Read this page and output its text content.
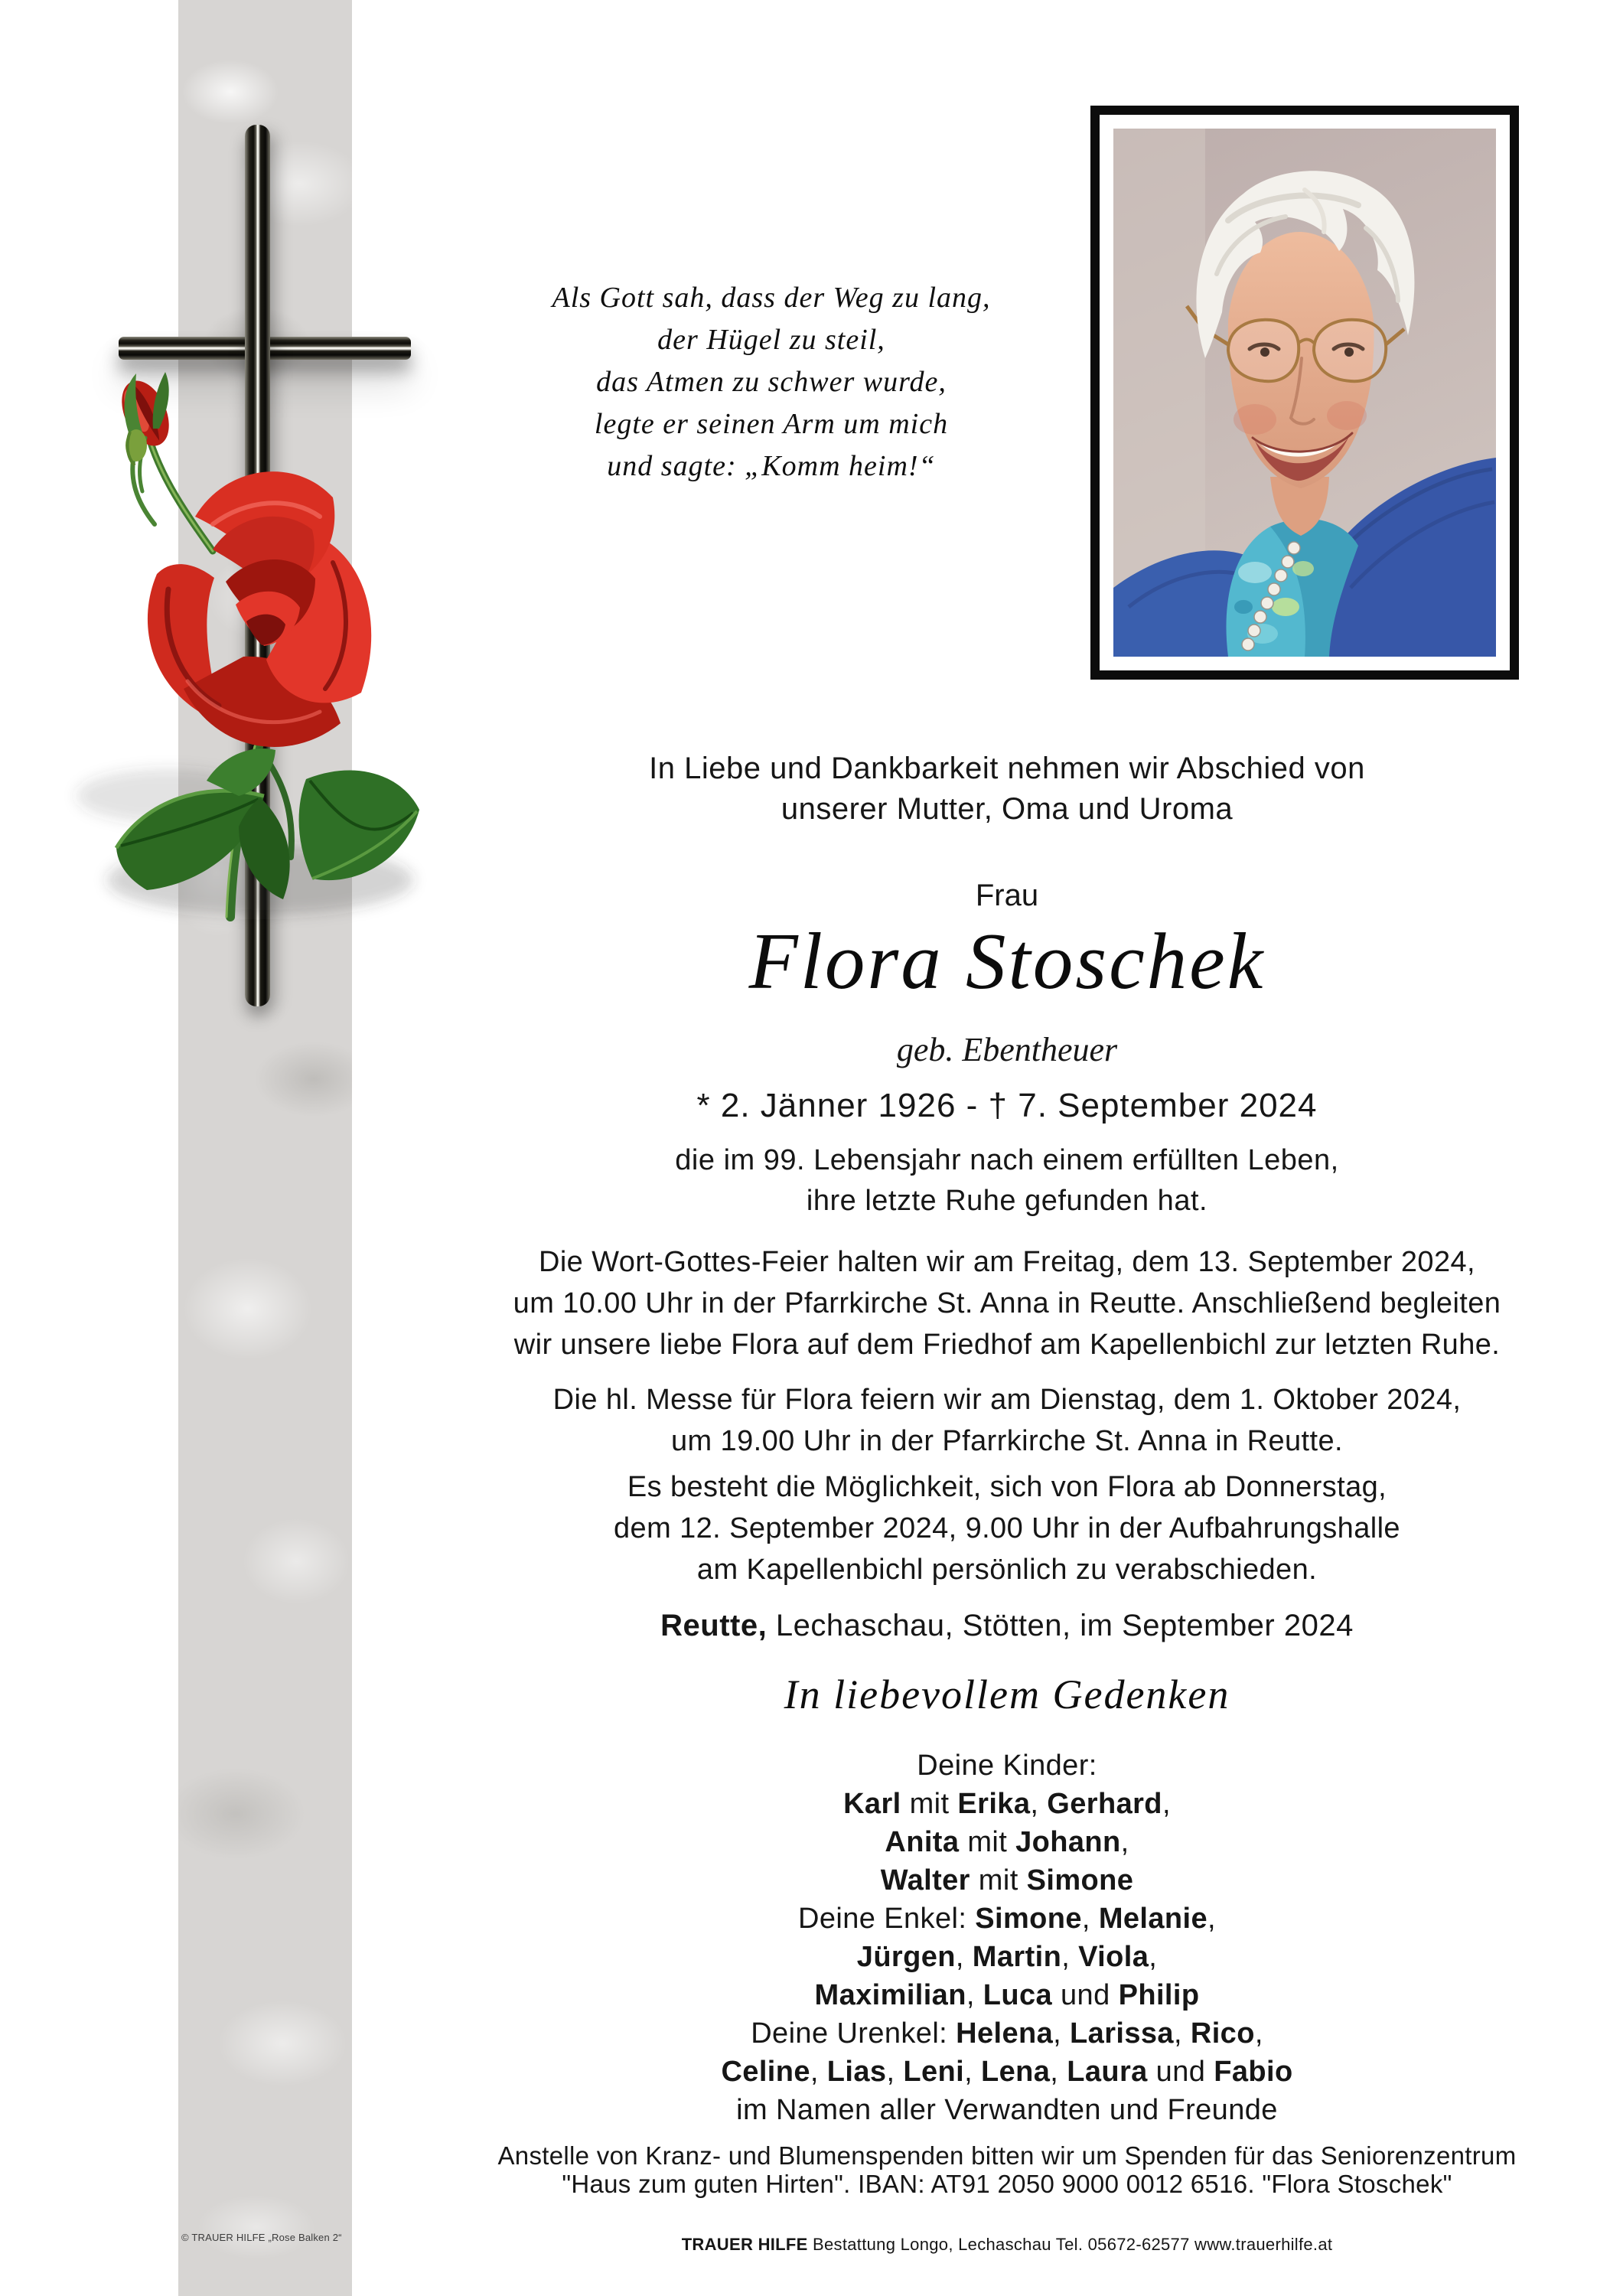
Als Gott sah, dass der Weg zu lang,
der Hügel zu steil,
das Atmen zu schwer wurde,
legte er seinen Arm um mich
und sagte: „Komm heim!“
In Liebe und Dankbarkeit nehmen wir Abschied von
unserer Mutter, Oma und Uroma
Frau
Flora Stoschek
geb. Ebentheuer
* 2. Jänner 1926 - † 7. September 2024
die im 99. Lebensjahr nach einem erfüllten Leben,
ihre letzte Ruhe gefunden hat.
Die Wort-Gottes-Feier halten wir am Freitag, dem 13. September 2024,
um 10.00 Uhr in der Pfarrkirche St. Anna in Reutte. Anschließend begleiten
wir unsere liebe Flora auf dem Friedhof am Kapellenbichl zur letzten Ruhe.
Die hl. Messe für Flora feiern wir am Dienstag, dem 1. Oktober 2024,
um 19.00 Uhr in der Pfarrkirche St. Anna in Reutte.
Es besteht die Möglichkeit, sich von Flora ab Donnerstag,
dem 12. September 2024, 9.00 Uhr in der Aufbahrungshalle
am Kapellenbichl persönlich zu verabschieden.
Reutte, Lechaschau, Stötten, im September 2024
In liebevollem Gedenken
Deine Kinder:
Karl mit Erika, Gerhard,
Anita mit Johann,
Walter mit Simone
Deine Enkel: Simone, Melanie,
Jürgen, Martin, Viola,
Maximilian, Luca und Philip
Deine Urenkel: Helena, Larissa, Rico,
Celine, Lias, Leni, Lena, Laura und Fabio
im Namen aller Verwandten und Freunde
Anstelle von Kranz- und Blumenspenden bitten wir um Spenden für das Seniorenzentrum
"Haus zum guten Hirten". IBAN: AT91 2050 9000 0012 6516. "Flora Stoschek"
TRAUER HILFE Bestattung Longo, Lechaschau Tel. 05672-62577 www.trauerhilfe.at
© TRAUER HILFE „Rose Balken 2“
